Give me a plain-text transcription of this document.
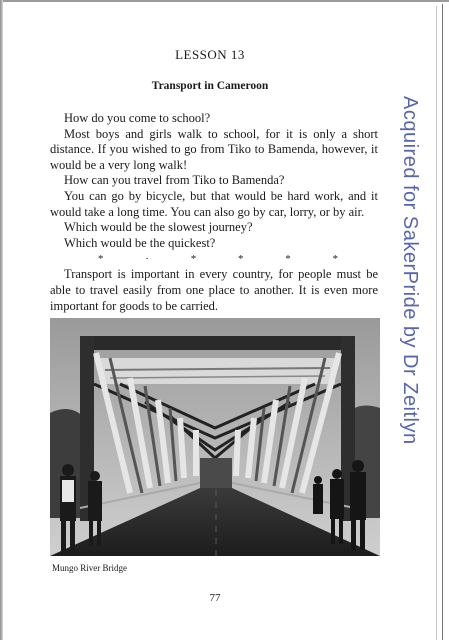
LESSON 13
Transport in Cameroon

How do you come to school?

Most boys and girls walk to school, for it is only a short distance. If you wished to go from Tiko to Bamenda, however, it would be a very long walk!

How can you travel from Tiko to Bamenda?

You can go by bicycle, but that would be hard work, and it would take a long time. You can also go by car, lorry, or by air.

Which would be the slowest journey?

Which would be the quickest?

*	·	*	*	*	*

Transport is important in every country, for people must be able to travel easily from one place to another. It is even more important for goods to be carried.	Acquired for SakerPride by Dr Zeitlyn
Mungo River Bridge
77
